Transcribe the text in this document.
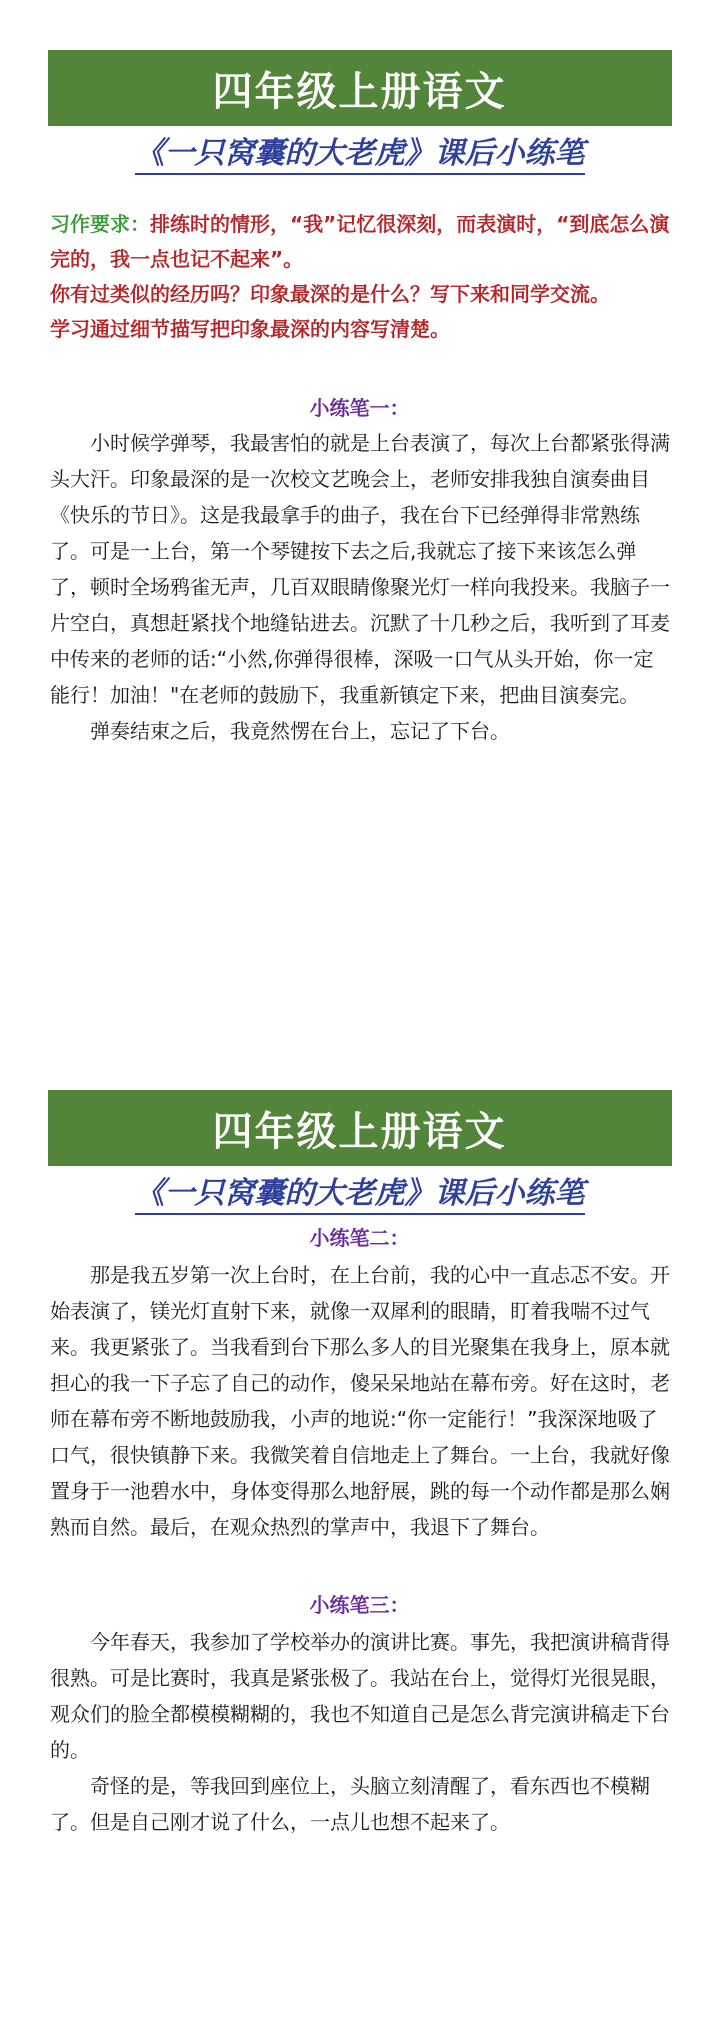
四年级上册语文
《一只窝囊的大老虎》课后小练笔

习作要求：排练时的情形，“我”记忆很深刻，而表演时，“到底怎么演完的，我一点也记不起来”。

你有过类似的经历吗？印象最深的是什么？写下来和同学交流。

学习通过细节描写把印象最深的内容写清楚。

小练笔一：

小时候学弹琴，我最害怕的就是上台表演了，每次上台都紧张得满头大汗。印象最深的是一次校文艺晚会上，老师安排我独自演奏曲目《快乐的节日》。这是我最拿手的曲子，我在台下已经弹得非常熟练了。可是一上台，第一个琴键按下去之后,我就忘了接下来该怎么弹了，顿时全场鸦雀无声，几百双眼睛像聚光灯一样向我投来。我脑子一片空白，真想赶紧找个地缝钻进去。沉默了十几秒之后，我听到了耳麦中传来的老师的话:“小然,你弹得很棒，深吸一口气从头开始，你一定能行！加油！"在老师的鼓励下，我重新镇定下来，把曲目演奏完。

弹奏结束之后，我竟然愣在台上，忘记了下台。

四年级上册语文
《一只窝囊的大老虎》课后小练笔
小练笔二：

那是我五岁第一次上台时，在上台前，我的心中一直忐忑不安。开始表演了，镁光灯直射下来，就像一双犀利的眼睛，盯着我喘不过气来。我更紧张了。当我看到台下那么多人的目光聚集在我身上，原本就担心的我一下子忘了自己的动作，傻呆呆地站在幕布旁。好在这时，老师在幕布旁不断地鼓励我，小声的地说:“你一定能行！”我深深地吸了口气，很快镇静下来。我微笑着自信地走上了舞台。一上台，我就好像置身于一池碧水中，身体变得那么地舒展，跳的每一个动作都是那么娴熟而自然。最后，在观众热烈的掌声中，我退下了舞台。

小练笔三：

今年春天，我参加了学校举办的演讲比赛。事先，我把演讲稿背得很熟。可是比赛时，我真是紧张极了。我站在台上，觉得灯光很晃眼，观众们的脸全都模模糊糊的，我也不知道自己是怎么背完演讲稿走下台的。

奇怪的是，等我回到座位上，头脑立刻清醒了，看东西也不模糊了。但是自己刚才说了什么，一点儿也想不起来了。
